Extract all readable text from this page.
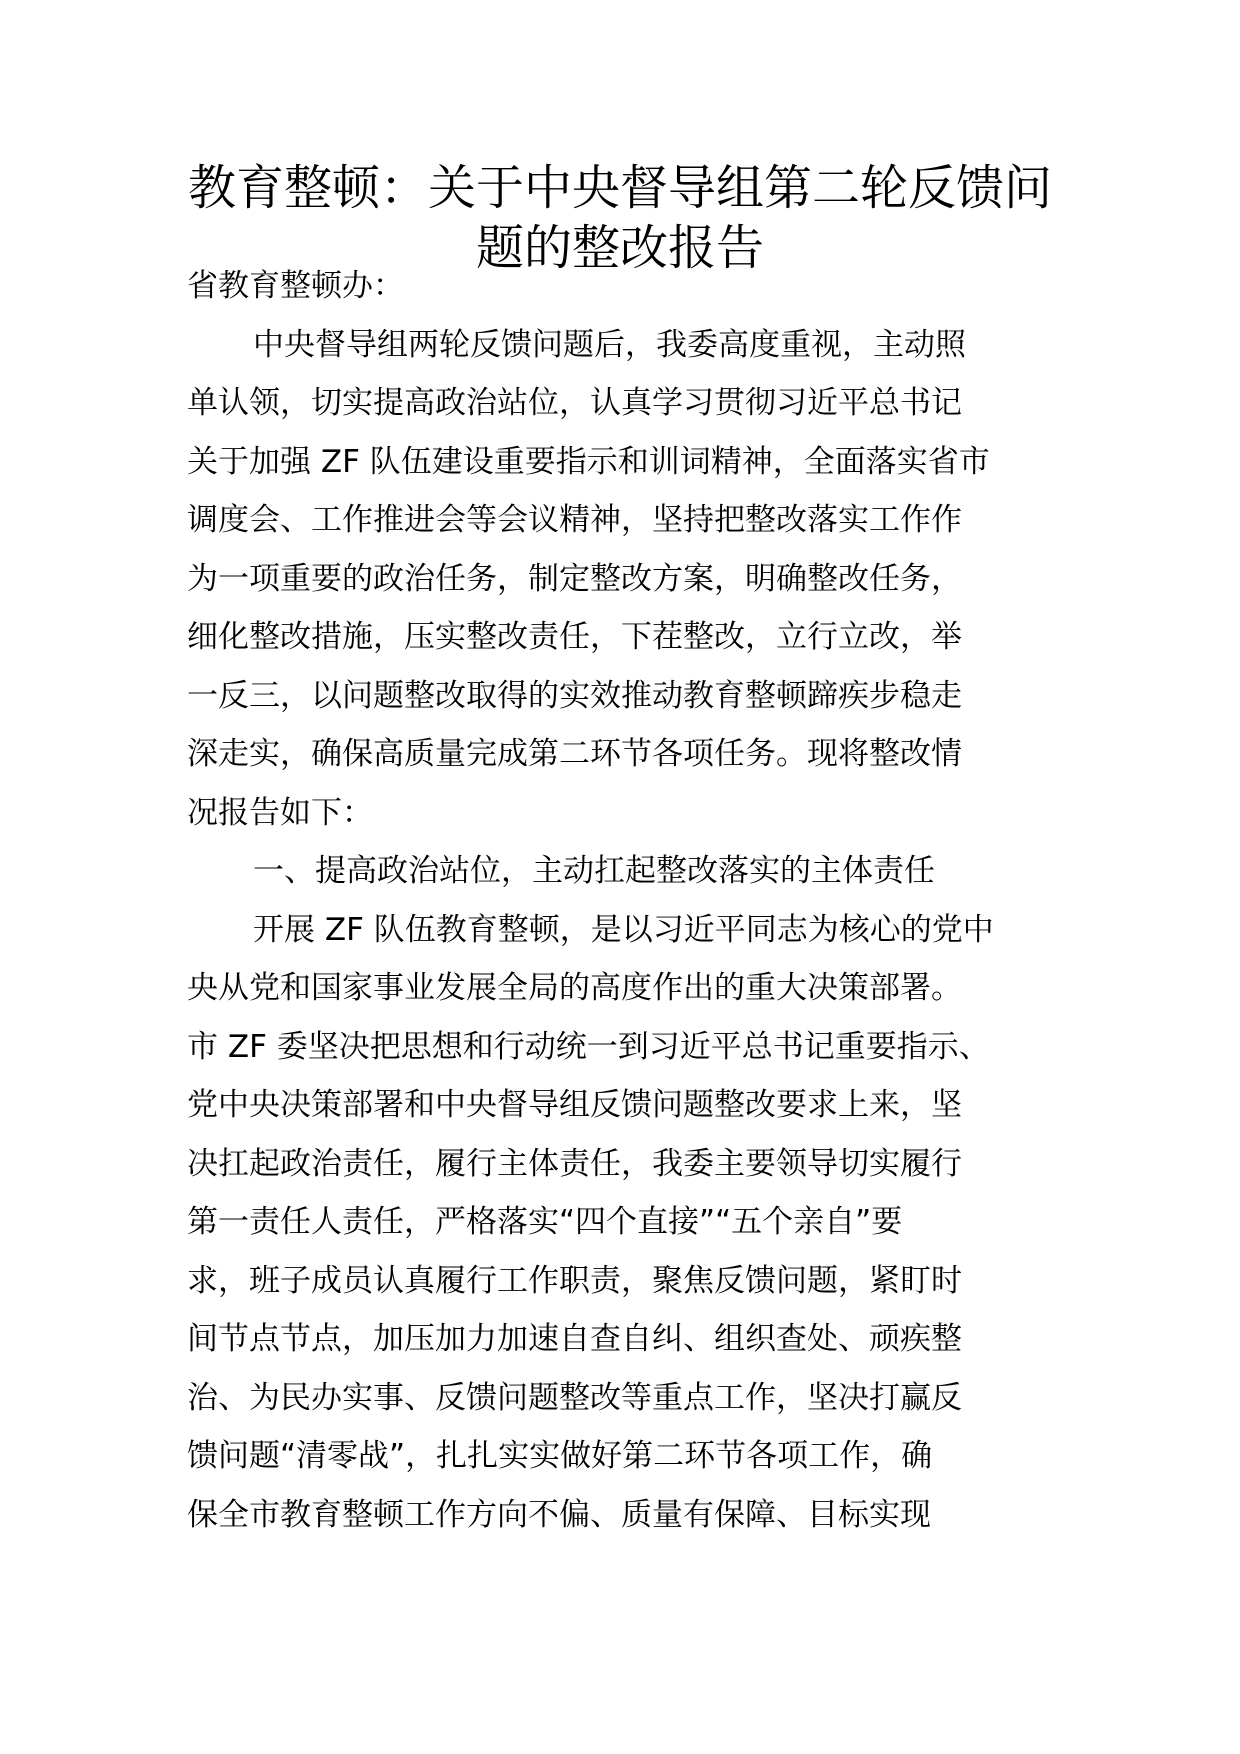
教育整顿：关于中央督导组第二轮反馈问
题的整改报告

省教育整顿办：

中央督导组两轮反馈问题后，我委高度重视，主动照

单认领，切实提高政治站位，认真学习贯彻习近平总书记

关于加强 ZF 队伍建设重要指示和训词精神，全面落实省市

调度会、工作推进会等会议精神，坚持把整改落实工作作

为一项重要的政治任务，制定整改方案，明确整改任务，

细化整改措施，压实整改责任，下茬整改，立行立改，举

一反三，以问题整改取得的实效推动教育整顿蹄疾步稳走

深走实，确保高质量完成第二环节各项任务。现将整改情

况报告如下：

一、提高政治站位，主动扛起整改落实的主体责任

开展 ZF 队伍教育整顿，是以习近平同志为核心的党中

央从党和国家事业发展全局的高度作出的重大决策部署。

市 ZF 委坚决把思想和行动统一到习近平总书记重要指示、

党中央决策部署和中央督导组反馈问题整改要求上来，坚

决扛起政治责任，履行主体责任，我委主要领导切实履行

第一责任人责任，严格落实“四个直接”“五个亲自”要

求，班子成员认真履行工作职责，聚焦反馈问题，紧盯时

间节点节点，加压加力加速自查自纠、组织查处、顽疾整

治、为民办实事、反馈问题整改等重点工作，坚决打赢反

馈问题“清零战”，扎扎实实做好第二环节各项工作，确

保全市教育整顿工作方向不偏、质量有保障、目标实现
